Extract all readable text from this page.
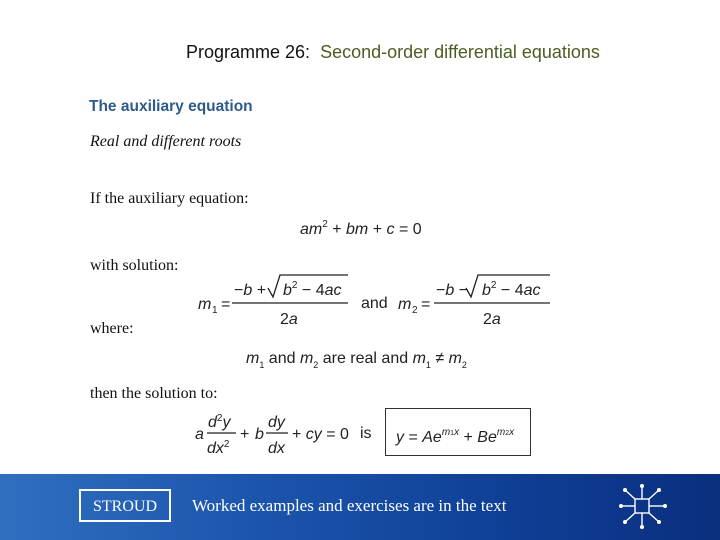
Programme 26: Second-order differential equations
The auxiliary equation
Real and different roots
If the auxiliary equation:
$am^2$ + bm + c = 0
with solution:
m 1 =
$-b + b^2 - 4ac$
2a
and m 2 =
$-b - b^2 - 4ac$
2a
where:
$m_1$ and $m_2$ are real and $m_1 \ne m_2$
then the solution to:
a
$d^2y$
$dx^2$
+ b
dy
dx
+ cy = 0 is	$y = Ae^{m1x} + Be^{m2x}$
STROUD	Worked examples and exercises are in the text
